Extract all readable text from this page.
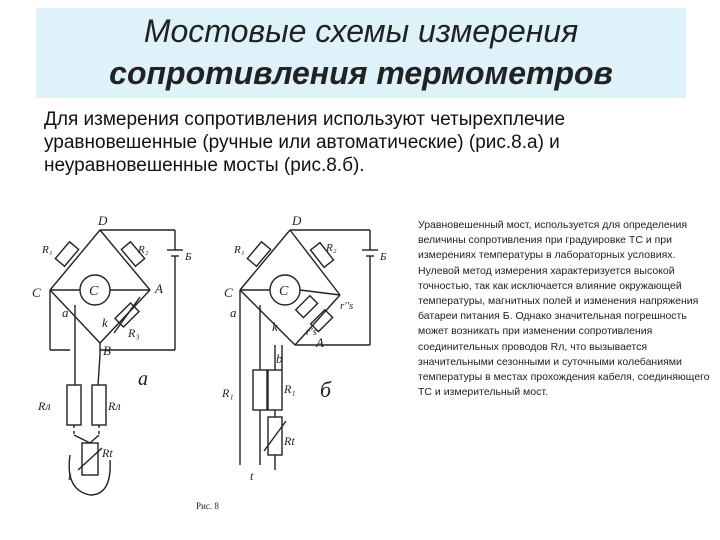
Мостовые схемы измерения
сопротивления термометров

Для измерения сопротивления используют четырехплечие уравновешенные (ручные или автоматические) (рис.8.а) и неуравновешенные мосты (рис.8.б).

Уравновешенный мост, используется для определения величины сопротивления при градуировке ТС и при измерениях температуры в лабораторных условиях.

Нулевой метод измерения характеризуется высокой точностью, так как исключается влияние окружающей температуры, магнитных полей и изменения напряжения батареи питания Б. Однако значительная погрешность может возникать при изменении сопротивления соединительных проводов Rл, что вызывается значительными сезонными и суточными колебаниями температуры в местах прохождения кабеля, соединяющего ТС и измерительный мост.

D
C
B
A
a
k
R₁	R₂
R₃
C
Б
Rл	Rл
Rt
t
a
D
C
A
a
b
k
R₁	R₂
r''s
r's
C
Б
R₁	R₁
Rt
t
б
Рис. 8
